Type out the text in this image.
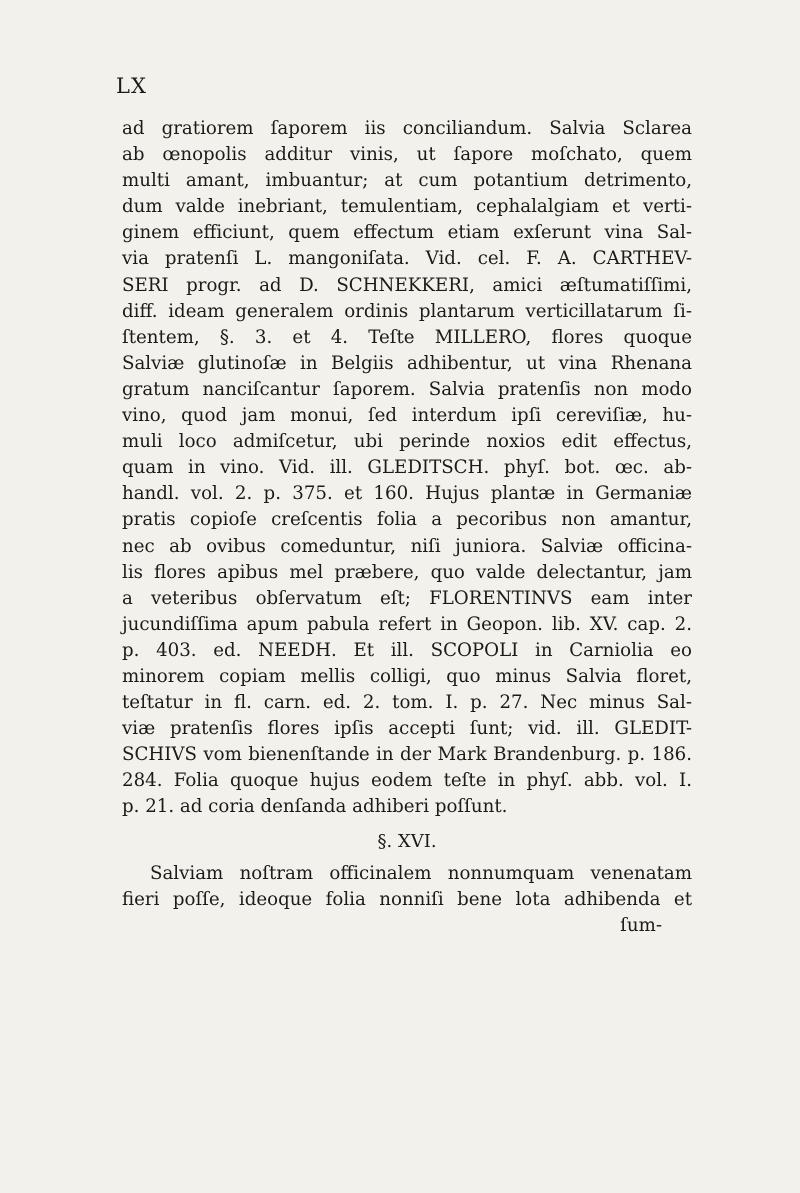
LX
ad gratiorem ſaporem iis conciliandum. Salvia Sclarea
ab œnopolis additur vinis, ut ſapore moſchato, quem
multi amant, imbuantur; at cum potantium detrimento,
dum valde inebriant, temulentiam, cephalalgiam et verti-
ginem efficiunt, quem effectum etiam exſerunt vina Sal-
via pratenſi L. mangoniſata. Vid. cel. F. A. CARTHEV-
SERI progr. ad D. SCHNEKKERI, amici æſtumatiſſimi,
diff. ideam generalem ordinis plantarum verticillatarum ſi-
ſtentem, §. 3. et 4. Teſte MILLERO, flores quoque
Salviæ glutinoſæ in Belgiis adhibentur, ut vina Rhenana
gratum nanciſcantur ſaporem. Salvia pratenſis non modo
vino, quod jam monui, ſed interdum ipſi cereviſiæ, hu-
muli loco admiſcetur, ubi perinde noxios edit effectus,
quam in vino. Vid. ill. GLEDITSCH. phyſ. bot. œc. ab-
handl. vol. 2. p. 375. et 160. Hujus plantæ in Germaniæ
pratis copioſe creſcentis folia a pecoribus non amantur,
nec ab ovibus comeduntur, niſi juniora. Salviæ officina-
lis flores apibus mel præbere, quo valde delectantur, jam
a veteribus obſervatum eſt; FLORENTINVS eam inter
jucundiſſima apum pabula refert in Geopon. lib. XV. cap. 2.
p. 403. ed. NEEDH. Et ill. SCOPOLI in Carniolia eo
minorem copiam mellis colligi, quo minus Salvia floret,
teſtatur in fl. carn. ed. 2. tom. I. p. 27. Nec minus Sal-
viæ pratenſis flores ipſis accepti ſunt; vid. ill. GLEDIT-
SCHIVS vom bienenſtande in der Mark Brandenburg. p. 186.
284. Folia quoque hujus eodem teſte in phyſ. abb. vol. I.
p. 21. ad coria denſanda adhiberi poſſunt.
§. XVI.
Salviam noſtram officinalem nonnumquam venenatam
fieri poſſe, ideoque folia nonniſi bene lota adhibenda et
ſum-
